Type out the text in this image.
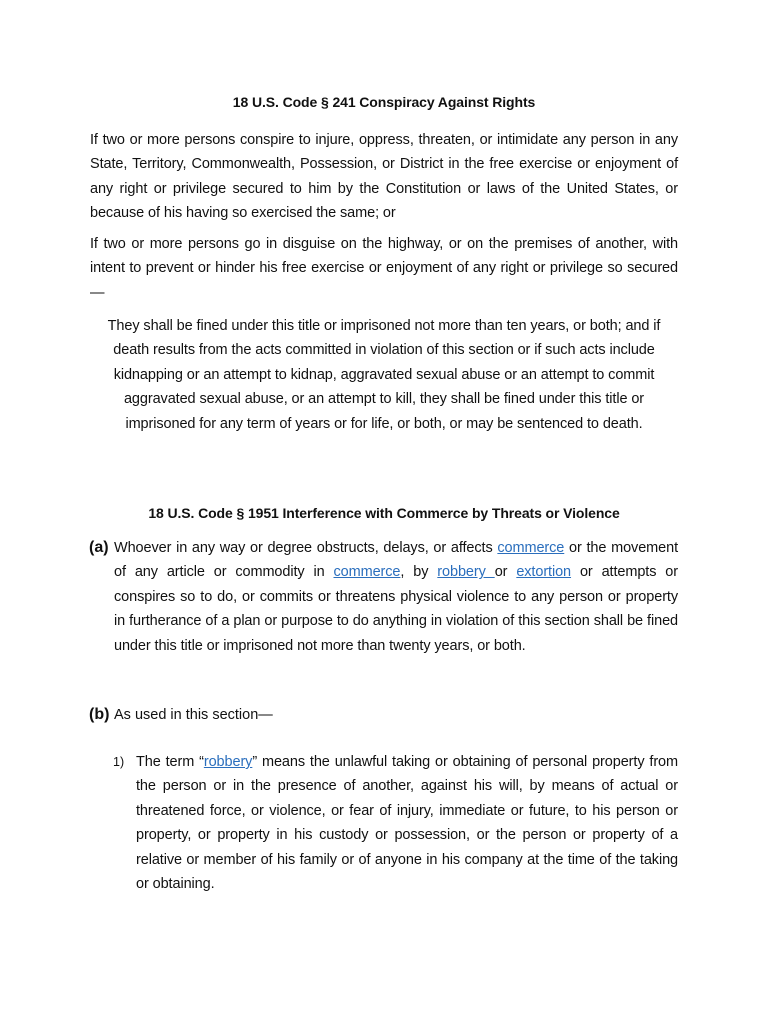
18 U.S. Code § 241 Conspiracy Against Rights
If two or more persons conspire to injure, oppress, threaten, or intimidate any person in any State, Territory, Commonwealth, Possession, or District in the free exercise or enjoyment of any right or privilege secured to him by the Constitution or laws of the United States, or because of his having so exercised the same; or
If two or more persons go in disguise on the highway, or on the premises of another, with intent to prevent or hinder his free exercise or enjoyment of any right or privilege so secured—
They shall be fined under this title or imprisoned not more than ten years, or both; and if death results from the acts committed in violation of this section or if such acts include kidnapping or an attempt to kidnap, aggravated sexual abuse or an attempt to commit aggravated sexual abuse, or an attempt to kill, they shall be fined under this title or imprisoned for any term of years or for life, or both, or may be sentenced to death.
18 U.S. Code § 1951 Interference with Commerce by Threats or Violence
(a) Whoever in any way or degree obstructs, delays, or affects commerce or the movement of any article or commodity in commerce, by robbery or extortion or attempts or conspires so to do, or commits or threatens physical violence to any person or property in furtherance of a plan or purpose to do anything in violation of this section shall be fined under this title or imprisoned not more than twenty years, or both.
(b) As used in this section—
1) The term “robbery” means the unlawful taking or obtaining of personal property from the person or in the presence of another, against his will, by means of actual or threatened force, or violence, or fear of injury, immediate or future, to his person or property, or property in his custody or possession, or the person or property of a relative or member of his family or of anyone in his company at the time of the taking or obtaining.
